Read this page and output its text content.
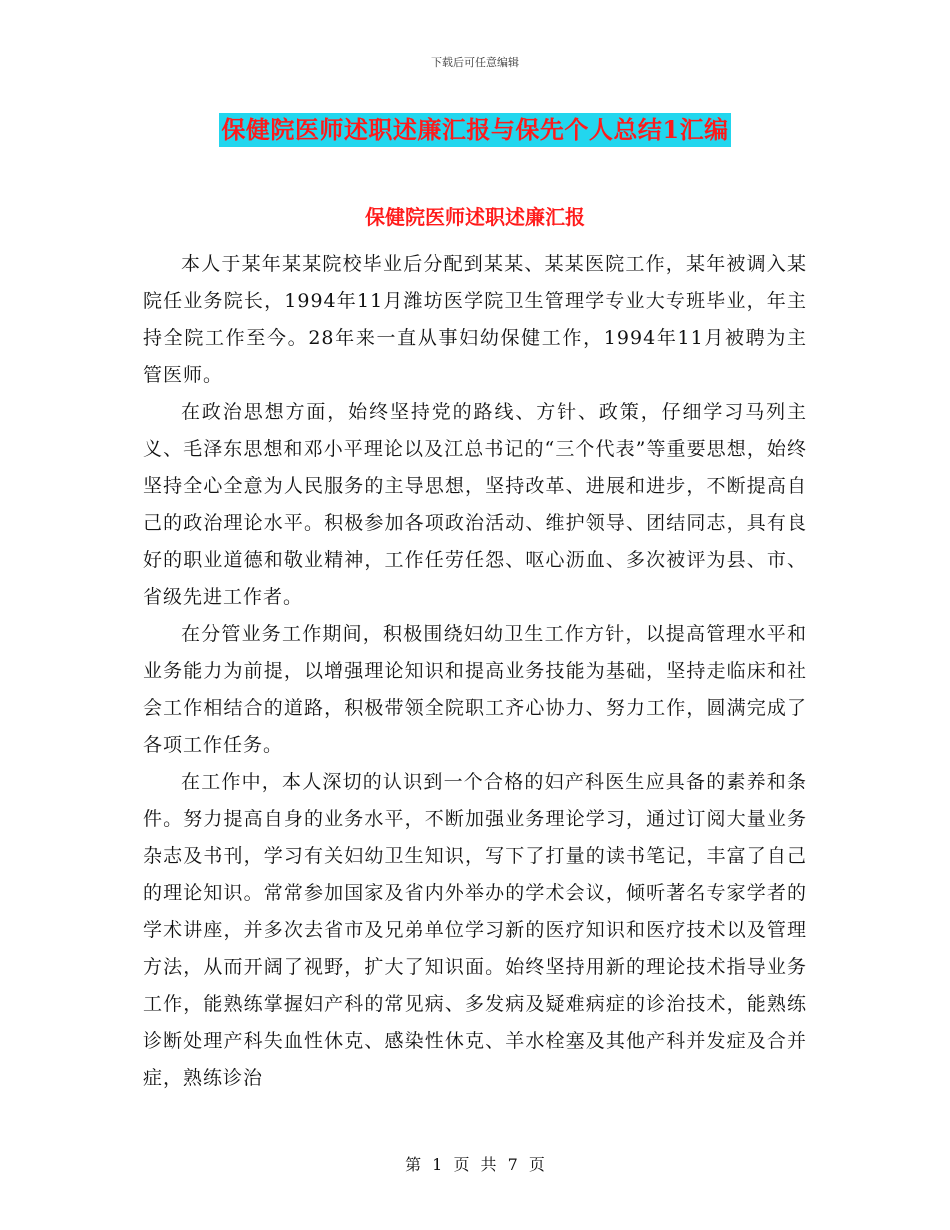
下载后可任意编辑
保健院医师述职述廉汇报与保先个人总结1汇编
保健院医师述职述廉汇报

本人于某年某某院校毕业后分配到某某、某某医院工作，某年被调入某院任业务院长，1994年11月潍坊医学院卫生管理学专业大专班毕业，年主持全院工作至今。28年来一直从事妇幼保健工作，1994年11月被聘为主管医师。

在政治思想方面，始终坚持党的路线、方针、政策，仔细学习马列主义、毛泽东思想和邓小平理论以及江总书记的“三个代表”等重要思想，始终坚持全心全意为人民服务的主导思想，坚持改革、进展和进步，不断提高自己的政治理论水平。积极参加各项政治活动、维护领导、团结同志，具有良好的职业道德和敬业精神，工作任劳任怨、呕心沥血、多次被评为县、市、省级先进工作者。

在分管业务工作期间，积极围绕妇幼卫生工作方针，以提高管理水平和业务能力为前提，以增强理论知识和提高业务技能为基础，坚持走临床和社会工作相结合的道路，积极带领全院职工齐心协力、努力工作，圆满完成了各项工作任务。

在工作中，本人深切的认识到一个合格的妇产科医生应具备的素养和条件。努力提高自身的业务水平，不断加强业务理论学习，通过订阅大量业务杂志及书刊，学习有关妇幼卫生知识，写下了打量的读书笔记，丰富了自己的理论知识。常常参加国家及省内外举办的学术会议，倾听著名专家学者的学术讲座，并多次去省市及兄弟单位学习新的医疗知识和医疗技术以及管理方法，从而开阔了视野，扩大了知识面。始终坚持用新的理论技术指导业务工作，能熟练掌握妇产科的常见病、多发病及疑难病症的诊治技术，能熟练诊断处理产科失血性休克、感染性休克、羊水栓塞及其他产科并发症及合并症，熟练诊治

第 1 页 共 7 页
